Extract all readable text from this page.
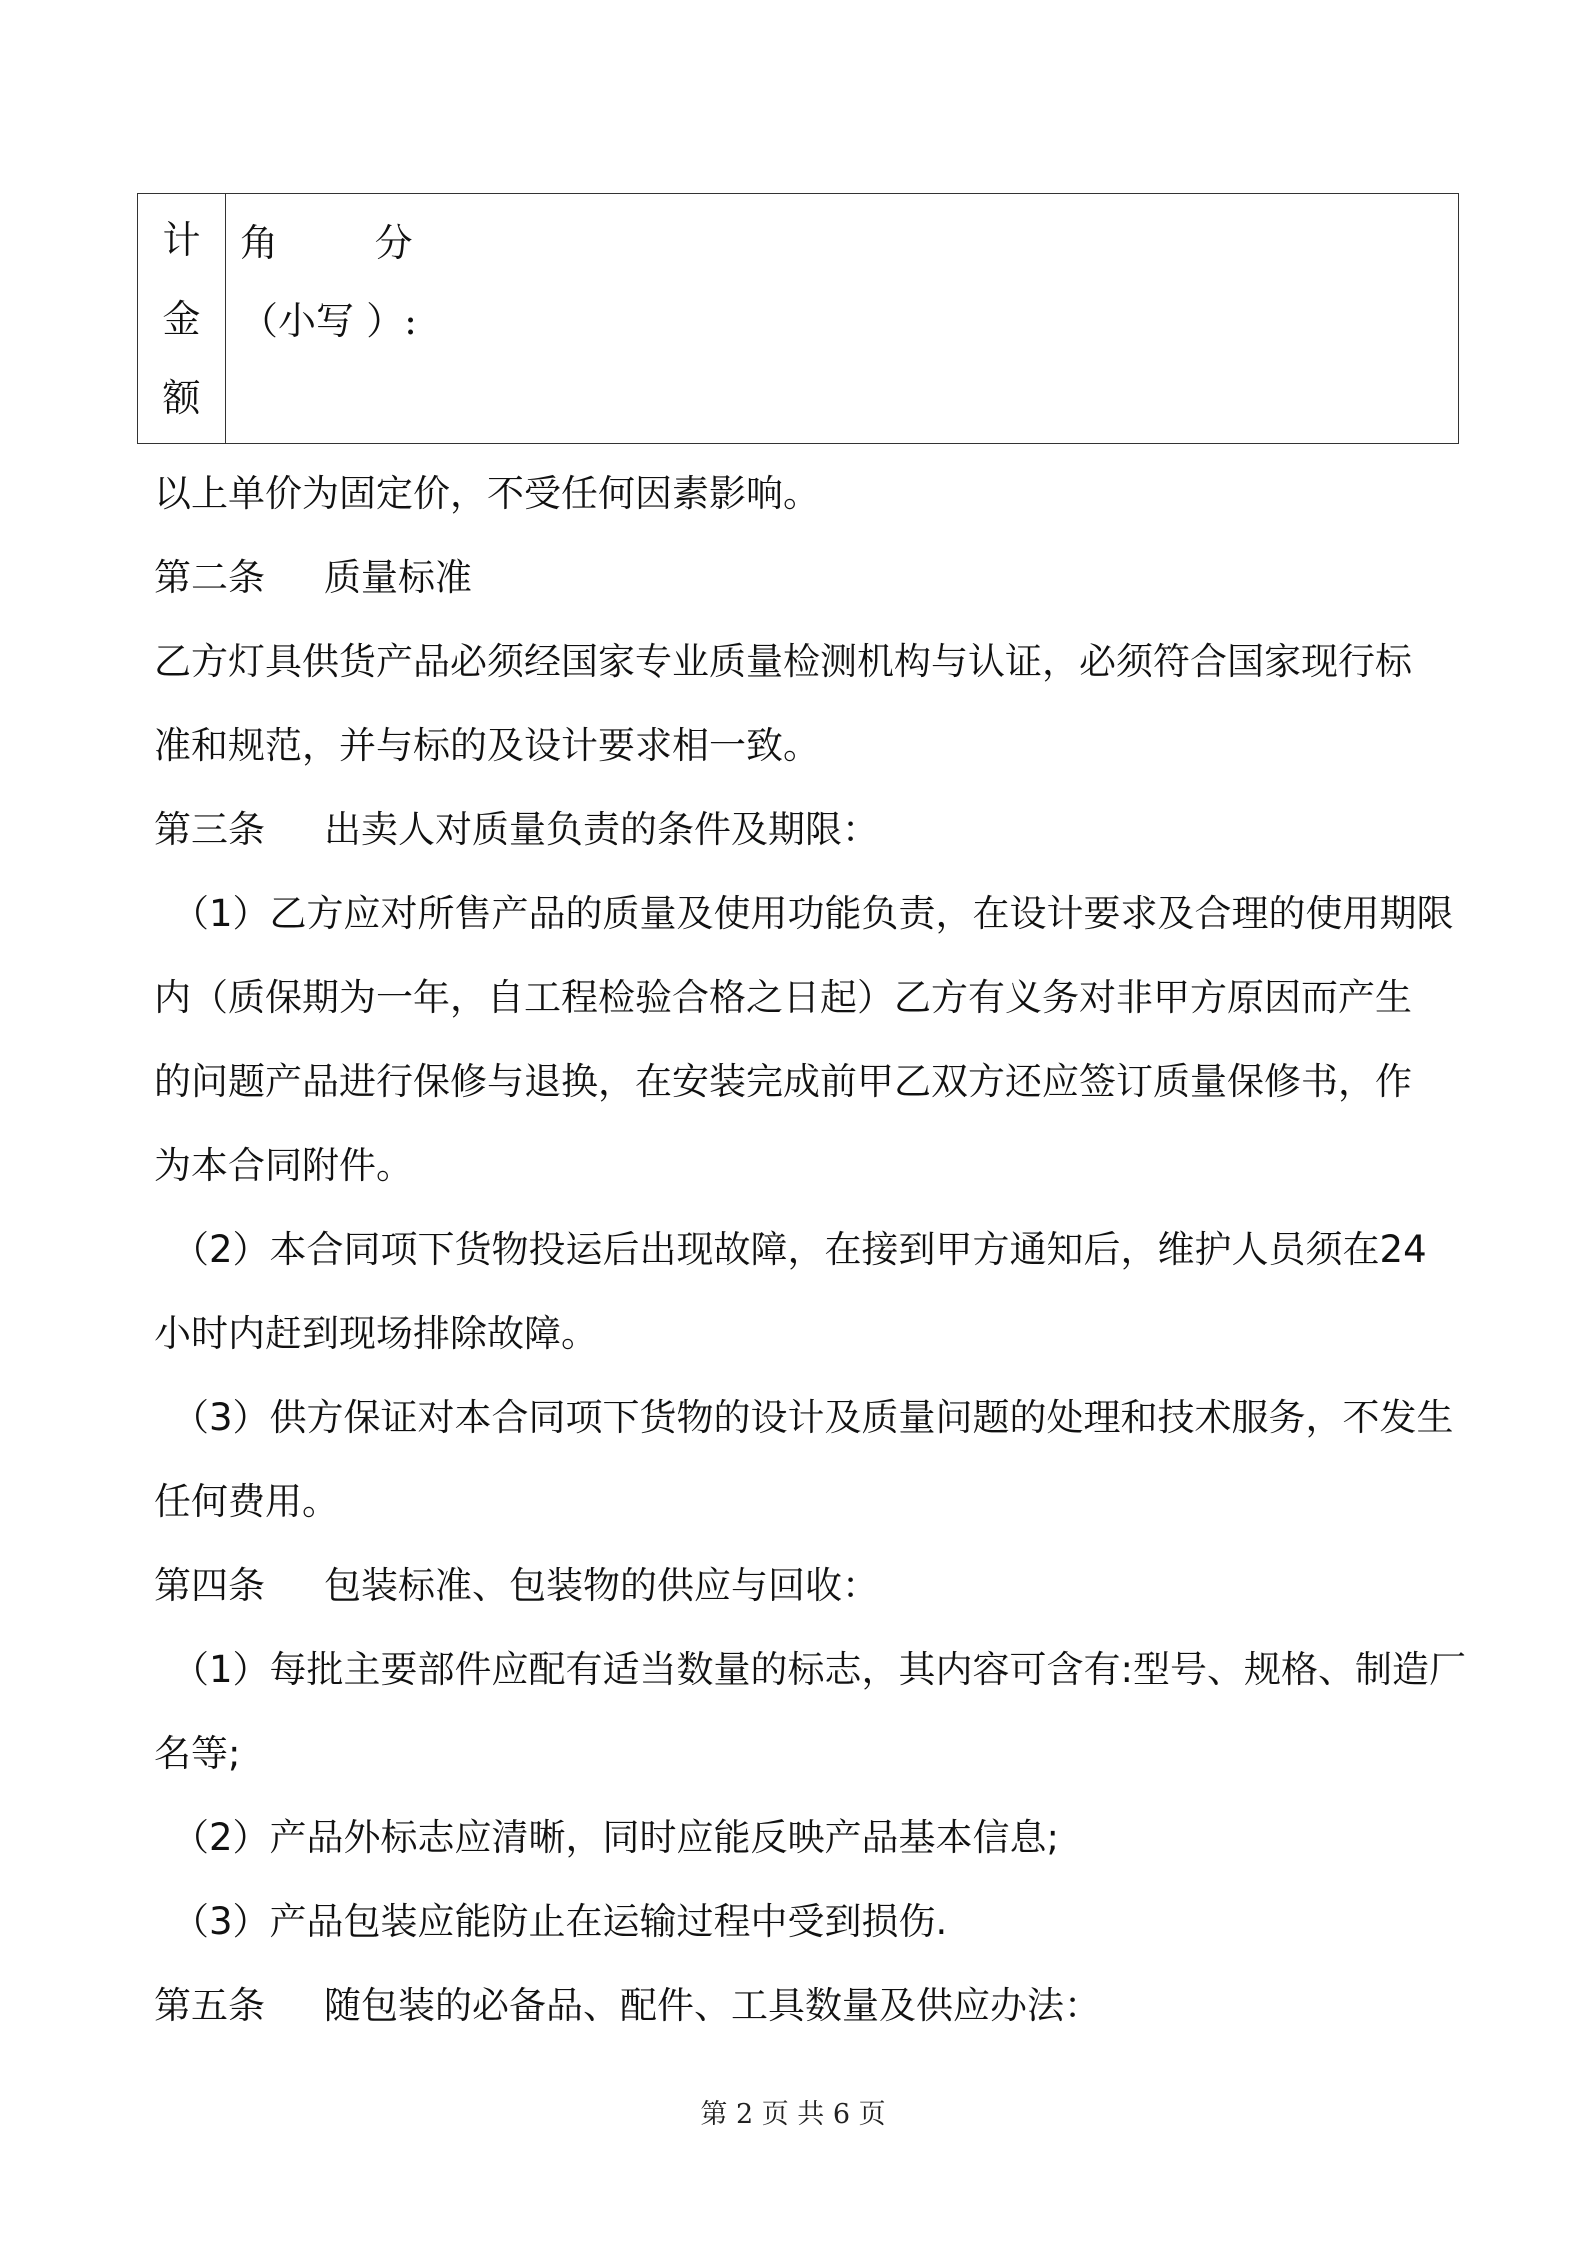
计
金
额
角        分
（小写 ）:
以上单价为固定价，不受任何因素影响。
第二条 质量标准
乙方灯具供货产品必须经国家专业质量检测机构与认证，必须符合国家现行标
准和规范，并与标的及设计要求相一致。
第三条 出卖人对质量负责的条件及期限：
（1）乙方应对所售产品的质量及使用功能负责，在设计要求及合理的使用期限
内（质保期为一年，自工程检验合格之日起）乙方有义务对非甲方原因而产生
的问题产品进行保修与退换，在安装完成前甲乙双方还应签订质量保修书，作
为本合同附件。
（2）本合同项下货物投运后出现故障，在接到甲方通知后，维护人员须在24
小时内赶到现场排除故障。
（3）供方保证对本合同项下货物的设计及质量问题的处理和技术服务，不发生
任何费用。
第四条 包装标准、包装物的供应与回收：
（1）每批主要部件应配有适当数量的标志，其内容可含有:型号、规格、制造厂
名等;
（2）产品外标志应清晰，同时应能反映产品基本信息;
（3）产品包装应能防止在运输过程中受到损伤.
第五条 随包装的必备品、配件、工具数量及供应办法：
第 2 页 共 6 页
